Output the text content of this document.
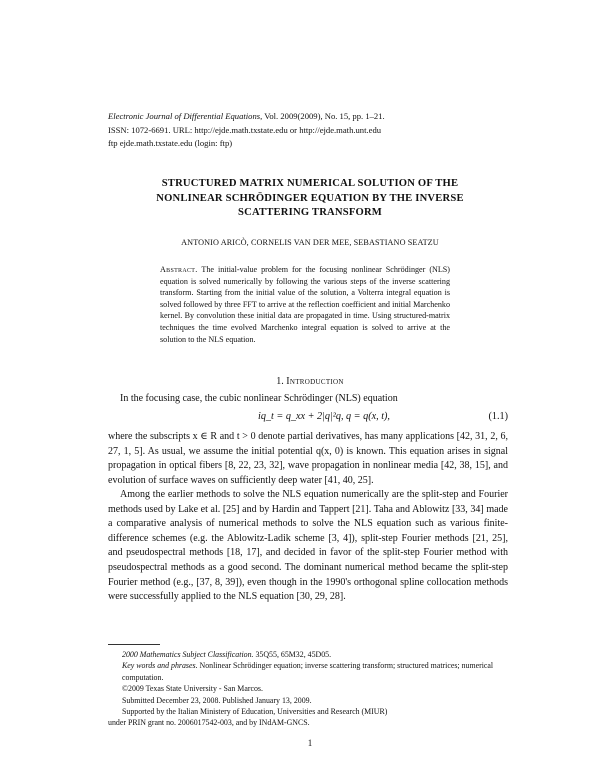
Electronic Journal of Differential Equations, Vol. 2009(2009), No. 15, pp. 1–21.
ISSN: 1072-6691. URL: http://ejde.math.txstate.edu or http://ejde.math.unt.edu
ftp ejde.math.txstate.edu (login: ftp)
STRUCTURED MATRIX NUMERICAL SOLUTION OF THE
NONLINEAR SCHRÖDINGER EQUATION BY THE INVERSE
SCATTERING TRANSFORM
ANTONIO ARICÒ, CORNELIS VAN DER MEE, SEBASTIANO SEATZU

Abstract. The initial-value problem for the focusing nonlinear Schrödinger (NLS) equation is solved numerically by following the various steps of the inverse scattering transform. Starting from the initial value of the solution, a Volterra integral equation is solved followed by three FFT to arrive at the reflection coefficient and initial Marchenko kernel. By convolution these initial data are propagated in time. Using structured-matrix techniques the time evolved Marchenko integral equation is solved to arrive at the solution to the NLS equation.

1. Introduction

In the focusing case, the cubic nonlinear Schrödinger (NLS) equation

iq_t = q_xx + 2|q|²q, q = q(x, t),	(1.1)

where the subscripts x ∈ R and t > 0 denote partial derivatives, has many applications [42, 31, 2, 6, 27, 1, 5]. As usual, we assume the initial potential q(x, 0) is known. This equation arises in signal propagation in optical fibers [8, 22, 23, 32], wave propagation in nonlinear media [42, 38, 15], and evolution of surface waves on sufficiently deep water [41, 40, 25].

Among the earlier methods to solve the NLS equation numerically are the split-step and Fourier methods used by Lake et al. [25] and by Hardin and Tappert [21]. Taha and Ablowitz [33, 34] made a comparative analysis of numerical methods to solve the NLS equation such as various finite-difference schemes (e.g. the Ablowitz-Ladik scheme [3, 4]), split-step Fourier methods [21, 25], and pseudospectral methods [18, 17], and decided in favor of the split-step Fourier method with pseudospectral methods as a good second. The dominant numerical method became the split-step Fourier method (e.g., [37, 8, 39]), even though in the 1990's orthogonal spline collocation methods were successfully applied to the NLS equation [30, 29, 28].

2000 Mathematics Subject Classification. 35Q55, 65M32, 45D05.
Key words and phrases. Nonlinear Schrödinger equation; inverse scattering transform; structured matrices; numerical computation.
©2009 Texas State University - San Marcos.
Submitted December 23, 2008. Published January 13, 2009.
Supported by the Italian Ministery of Education, Universities and Research (MIUR)
under PRIN grant no. 2006017542-003, and by INdAM-GNCS.
1
